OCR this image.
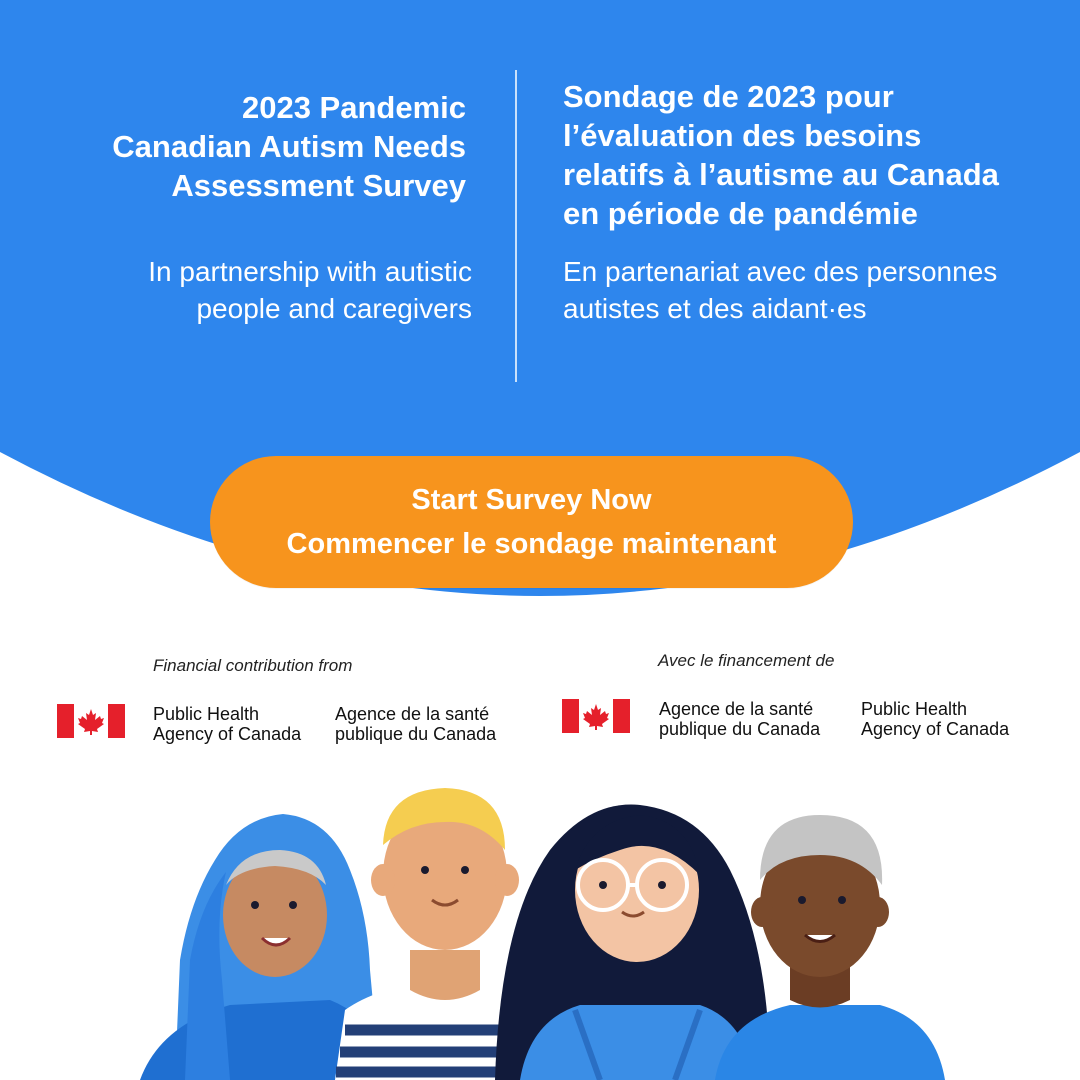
2023 Pandemic
Canadian Autism Needs
Assessment Survey

In partnership with autistic
people and caregivers

Sondage de 2023 pour
l’évaluation des besoins
relatifs à l’autisme au Canada
en période de pandémie

En partenariat avec des personnes
autistes et des aidant·es

Start Survey Now
Commencer le sondage maintenant
Financial contribution from
Public Health
Agency of Canada
Agence de la santé
publique du Canada
Avec le financement de
Agence de la santé
publique du Canada
Public Health
Agency of Canada
